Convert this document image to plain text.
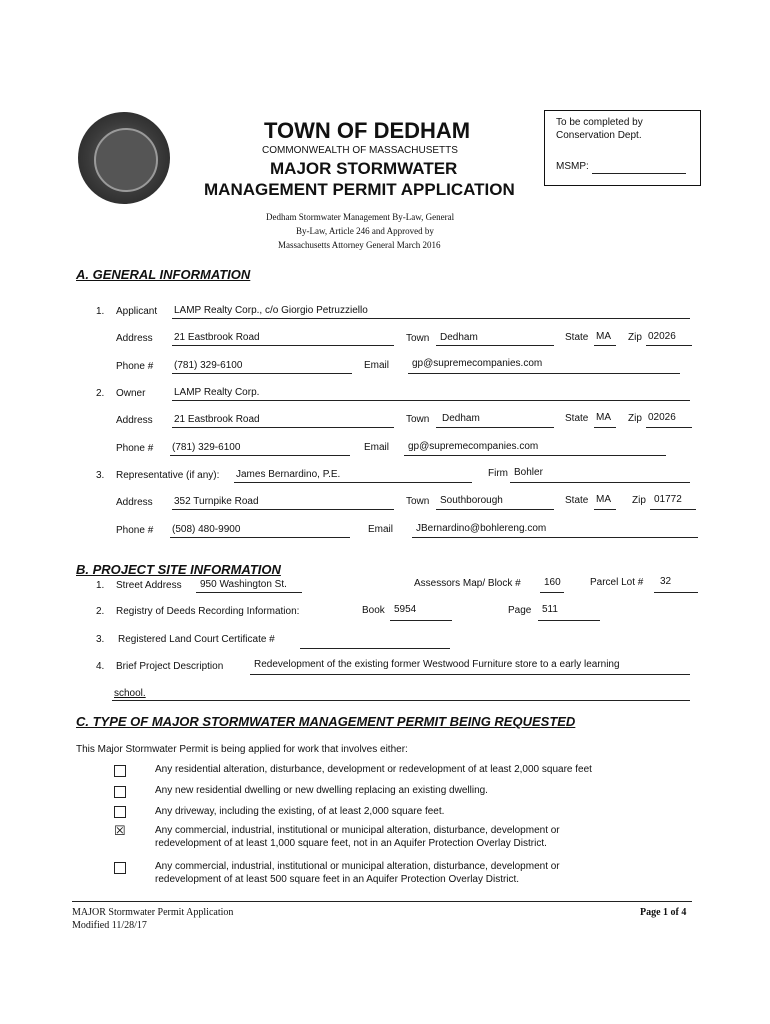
TOWN OF DEDHAM
COMMONWEALTH OF MASSACHUSETTS
MAJOR STORMWATER
MANAGEMENT PERMIT APPLICATION
Dedham Stormwater Management By-Law, General
By-Law, Article 246 and Approved by
Massachusetts Attorney General March 2016
To be completed by
Conservation Dept.
MSMP:
A. GENERAL INFORMATION
1. Applicant LAMP Realty Corp., c/o Giorgio Petruzziello
Address 21 Eastbrook Road	Town Dedham	State MA Zip 02026
Phone # (781) 329-6100	Email gp@supremecompanies.com
2. Owner	LAMP Realty Corp.
Address 21 Eastbrook Road	Town Dedham	State MA Zip 02026
Phone # (781) 329-6100	Email gp@supremecompanies.com
3. Representative (if any): James Bernardino, P.E.	Firm Bohler
Address 352 Turnpike Road	Town Southborough	State MA Zip 01772
Phone # (508) 480-9900	Email JBernardino@bohlereng.com
B. PROJECT SITE INFORMATION
1. Street Address 950 Washington St.	Assessors Map/ Block # 160	Parcel Lot # 32
2. Registry of Deeds Recording Information:	Book 5954	Page 511
3. Registered Land Court Certificate #
4. Brief Project Description	Redevelopment of the existing former Westwood Furniture store to a early learning
school.
C. TYPE OF MAJOR STORMWATER MANAGEMENT PERMIT BEING REQUESTED
This Major Stormwater Permit is being applied for work that involves either:
Any residential alteration, disturbance, development or redevelopment of at least 2,000 square feet
Any new residential dwelling or new dwelling replacing an existing dwelling.
Any driveway, including the existing, of at least 2,000 square feet.
☒	Any commercial, industrial, institutional or municipal alteration, disturbance, development or
redevelopment of at least 1,000 square feet, not in an Aquifer Protection Overlay District.
Any commercial, industrial, institutional or municipal alteration, disturbance, development or
redevelopment of at least 500 square feet in an Aquifer Protection Overlay District.
MAJOR Stormwater Permit Application
Modified 11/28/17
Page 1 of 4
